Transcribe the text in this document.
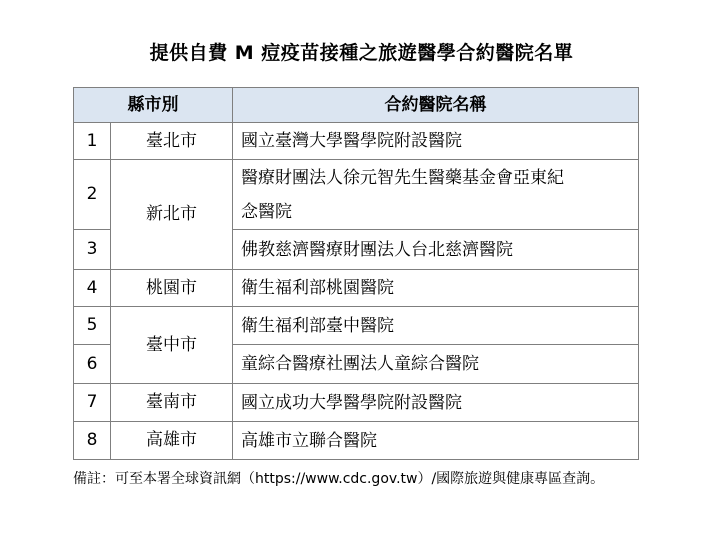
提供自費 M 痘疫苗接種之旅遊醫學合約醫院名單
縣市別		合約醫院名稱
1	臺北市	國立臺灣大學醫學院附設醫院
2	新北市	醫療財團法人徐元智先生醫藥基金會亞東紀
念醫院

3		佛教慈濟醫療財團法人台北慈濟醫院
4	桃園市	衛生福利部桃園醫院
5	臺中市	衛生福利部臺中醫院
6		童綜合醫療社團法人童綜合醫院
7	臺南市	國立成功大學醫學院附設醫院
8	高雄市	高雄市立聯合醫院
備註：可至本署全球資訊網（https://www.cdc.gov.tw）/國際旅遊與健康專區查詢。
